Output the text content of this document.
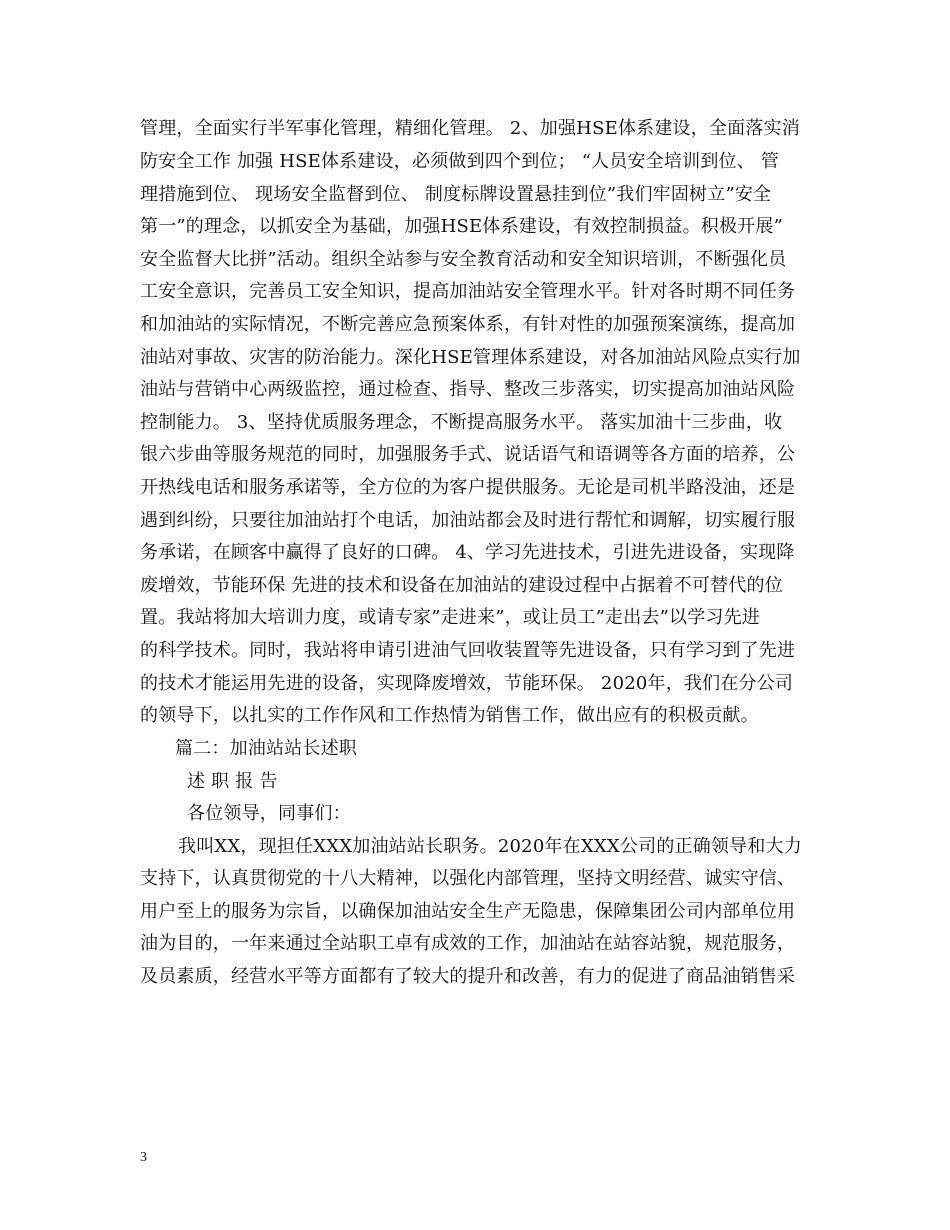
管理，全面实行半军事化管理，精细化管理。 2、加强HSE体系建设，全面落实消
防安全工作 加强 HSE体系建设，必须做到四个到位； “人员安全培训到位、 管
理措施到位、 现场安全监督到位、 制度标牌设置悬挂到位”我们牢固树立”安全
第一”的理念，以抓安全为基础，加强HSE体系建设，有效控制损益。积极开展”
安全监督大比拼”活动。组织全站参与安全教育活动和安全知识培训，不断强化员
工安全意识，完善员工安全知识，提高加油站安全管理水平。针对各时期不同任务
和加油站的实际情况，不断完善应急预案体系，有针对性的加强预案演练，提高加
油站对事故、灾害的防治能力。深化HSE管理体系建设，对各加油站风险点实行加
油站与营销中心两级监控，通过检查、指导、整改三步落实，切实提高加油站风险
控制能力。 3、坚持优质服务理念，不断提高服务水平。 落实加油十三步曲，收
银六步曲等服务规范的同时，加强服务手式、说话语气和语调等各方面的培养，公
开热线电话和服务承诺等，全方位的为客户提供服务。无论是司机半路没油，还是
遇到纠纷，只要往加油站打个电话，加油站都会及时进行帮忙和调解，切实履行服
务承诺，在顾客中赢得了良好的口碑。 4、学习先进技术，引进先进设备，实现降
废增效，节能环保 先进的技术和设备在加油站的建设过程中占据着不可替代的位
置。我站将加大培训力度，或请专家”走进来”，或让员工”走出去”以学习先进
的科学技术。同时，我站将申请引进油气回收装置等先进设备，只有学习到了先进
的技术才能运用先进的设备，实现降废增效，节能环保。 2020年，我们在分公司
的领导下，以扎实的工作作风和工作热情为销售工作，做出应有的积极贡献。
篇二：加油站站长述职
述 职 报 告
各位领导，同事们：
我叫XX，现担任XXX加油站站长职务。2020年在XXX公司的正确领导和大力
支持下，认真贯彻党的十八大精神，以强化内部管理，坚持文明经营、诚实守信、
用户至上的服务为宗旨，以确保加油站安全生产无隐患，保障集团公司内部单位用
油为目的，一年来通过全站职工卓有成效的工作，加油站在站容站貌，规范服务，
及员素质，经营水平等方面都有了较大的提升和改善，有力的促进了商品油销售采
3
